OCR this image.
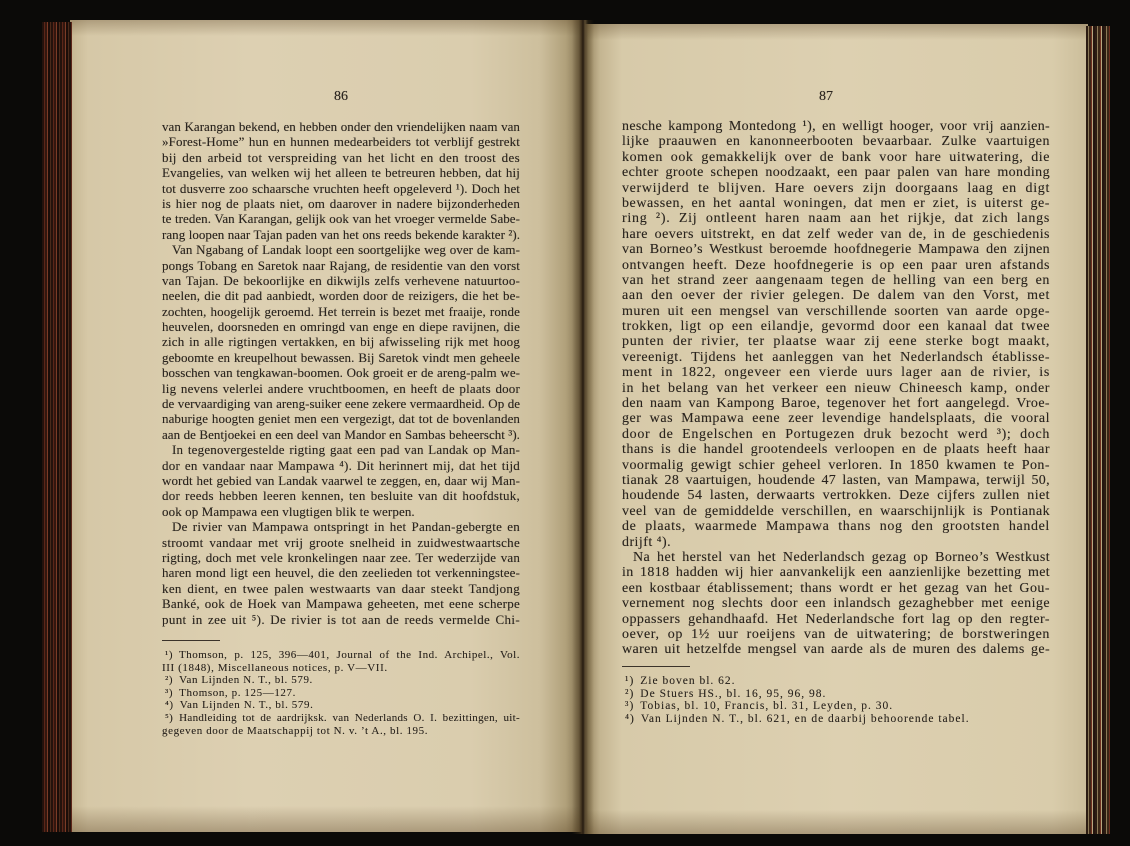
86
van Karangan bekend, en hebben onder den vriendelijken naam van
»Forest-Home” hun en hunnen medearbeiders tot verblijf gestrekt
bij den arbeid tot verspreiding van het licht en den troost des
Evangelies, van welken wij het alleen te betreuren hebben, dat hij
tot dusverre zoo schaarsche vruchten heeft opgeleverd ¹). Doch het
is hier nog de plaats niet, om daarover in nadere bijzonderheden
te treden. Van Karangan, gelijk ook van het vroeger vermelde Sabe-
rang loopen naar Tajan paden van het ons reeds bekende karakter ²).
Van Ngabang of Landak loopt een soortgelijke weg over de kam-
pongs Tobang en Saretok naar Rajang, de residentie van den vorst
van Tajan. De bekoorlijke en dikwijls zelfs verhevene natuurtoo-
neelen, die dit pad aanbiedt, worden door de reizigers, die het be-
zochten, hoogelijk geroemd. Het terrein is bezet met fraaije, ronde
heuvelen, doorsneden en omringd van enge en diepe ravijnen, die
zich in alle rigtingen vertakken, en bij afwisseling rijk met hoog
geboomte en kreupelhout bewassen. Bij Saretok vindt men geheele
bosschen van tengkawan-boomen. Ook groeit er de areng-palm we-
lig nevens velerlei andere vruchtboomen, en heeft de plaats door
de vervaardiging van areng-suiker eene zekere vermaardheid. Op de
naburige hoogten geniet men een vergezigt, dat tot de bovenlanden
aan de Bentjoekei en een deel van Mandor en Sambas beheerscht ³).
In tegenovergestelde rigting gaat een pad van Landak op Man-
dor en vandaar naar Mampawa ⁴). Dit herinnert mij, dat het tijd
wordt het gebied van Landak vaarwel te zeggen, en, daar wij Man-
dor reeds hebben leeren kennen, ten besluite van dit hoofdstuk,
ook op Mampawa een vlugtigen blik te werpen.
De rivier van Mampawa ontspringt in het Pandan-gebergte en
stroomt vandaar met vrij groote snelheid in zuidwestwaartsche
rigting, doch met vele kronkelingen naar zee. Ter wederzijde van
haren mond ligt een heuvel, die den zeelieden tot verkenningstee-
ken dient, en twee palen westwaarts van daar steekt Tandjong
Banké, ook de Hoek van Mampawa geheeten, met eene scherpe
punt in zee uit ⁵). De rivier is tot aan de reeds vermelde Chi-
¹) Thomson, p. 125, 396—401, Journal of the Ind. Archipel., Vol.
III (1848), Miscellaneous notices, p. V—VII.
²) Van Lijnden N. T., bl. 579.
³) Thomson, p. 125—127.
⁴) Van Lijnden N. T., bl. 579.
⁵) Handleiding tot de aardrijksk. van Nederlands O. I. bezittingen, uit-
gegeven door de Maatschappij tot N. v. ’t A., bl. 195.
87
nesche kampong Montedong ¹), en welligt hooger, voor vrij aanzien-
lijke praauwen en kanonneerbooten bevaarbaar. Zulke vaartuigen
komen ook gemakkelijk over de bank voor hare uitwatering, die
echter groote schepen noodzaakt, een paar palen van hare monding
verwijderd te blijven. Hare oevers zijn doorgaans laag en digt
bewassen, en het aantal woningen, dat men er ziet, is uiterst ge-
ring ²). Zij ontleent haren naam aan het rijkje, dat zich langs
hare oevers uitstrekt, en dat zelf weder van de, in de geschiedenis
van Borneo’s Westkust beroemde hoofdnegerie Mampawa den zijnen
ontvangen heeft. Deze hoofdnegerie is op een paar uren afstands
van het strand zeer aangenaam tegen de helling van een berg en
aan den oever der rivier gelegen. De dalem van den Vorst, met
muren uit een mengsel van verschillende soorten van aarde opge-
trokken, ligt op een eilandje, gevormd door een kanaal dat twee
punten der rivier, ter plaatse waar zij eene sterke bogt maakt,
vereenigt. Tijdens het aanleggen van het Nederlandsch établisse-
ment in 1822, ongeveer een vierde uurs lager aan de rivier, is
in het belang van het verkeer een nieuw Chineesch kamp, onder
den naam van Kampong Baroe, tegenover het fort aangelegd. Vroe-
ger was Mampawa eene zeer levendige handelsplaats, die vooral
door de Engelschen en Portugezen druk bezocht werd ³); doch
thans is die handel grootendeels verloopen en de plaats heeft haar
voormalig gewigt schier geheel verloren. In 1850 kwamen te Pon-
tianak 28 vaartuigen, houdende 47 lasten, van Mampawa, terwijl 50,
houdende 54 lasten, derwaarts vertrokken. Deze cijfers zullen niet
veel van de gemiddelde verschillen, en waarschijnlijk is Pontianak
de plaats, waarmede Mampawa thans nog den grootsten handel
drijft ⁴).
Na het herstel van het Nederlandsch gezag op Borneo’s Westkust
in 1818 hadden wij hier aanvankelijk een aanzienlijke bezetting met
een kostbaar établissement; thans wordt er het gezag van het Gou-
vernement nog slechts door een inlandsch gezaghebber met eenige
oppassers gehandhaafd. Het Nederlandsche fort lag op den regter-
oever, op 1½ uur roeijens van de uitwatering; de borstweringen
waren uit hetzelfde mengsel van aarde als de muren des dalems ge-
¹) Zie boven bl. 62.
²) De Stuers HS., bl. 16, 95, 96, 98.
³) Tobias, bl. 10, Francis, bl. 31, Leyden, p. 30.
⁴) Van Lijnden N. T., bl. 621, en de daarbij behoorende tabel.
